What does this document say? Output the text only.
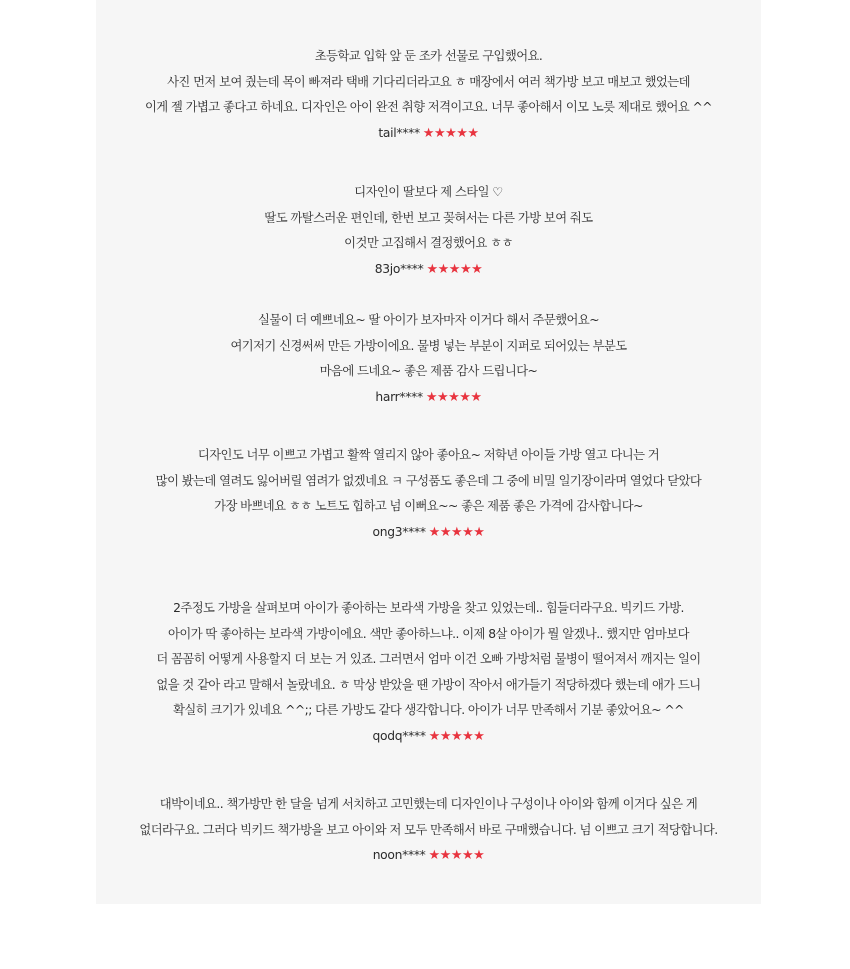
초등학교 입학 앞 둔 조카 선물로 구입했어요.
사진 먼저 보여 줬는데 목이 빠져라 택배 기다리더라고요 ㅎ 매장에서 여러 책가방 보고 매보고 했었는데
이게 젤 가볍고 좋다고 하네요. 디자인은 아이 완전 취향 저격이고요. 너무 좋아해서 이모 노릇 제대로 했어요 ^^
tail**** ★★★★★
디자인이 딸보다 제 스타일 ♡
딸도 까탈스러운 편인데, 한번 보고 꽂혀서는 다른 가방 보여 줘도
이것만 고집해서 결정했어요 ㅎㅎ
83jo**** ★★★★★
실물이 더 예쁘네요~ 딸 아이가 보자마자 이거다 해서 주문했어요~
여기저기 신경써써 만든 가방이에요. 물병 넣는 부분이 지퍼로 되어있는 부분도
마음에 드네요~ 좋은 제품 감사 드립니다~
harr**** ★★★★★
디자인도 너무 이쁘고 가볍고 활짝 열리지 않아 좋아요~ 저학년 아이들 가방 열고 다니는 거
많이 봤는데 열려도 잃어버릴 염려가 없겠네요 ㅋ 구성품도 좋은데 그 중에 비밀 일기장이라며 열었다 닫았다
가장 바쁘네요 ㅎㅎ 노트도 힙하고 넘 이뻐요~~ 좋은 제품 좋은 가격에 감사합니다~
ong3**** ★★★★★
2주정도 가방을 살펴보며 아이가 좋아하는 보라색 가방을 찾고 있었는데.. 힘들더라구요. 빅키드 가방.
아이가 딱 좋아하는 보라색 가방이에요. 색만 좋아하느냐.. 이제 8살 아이가 뭘 알겠나.. 했지만 엄마보다
더 꼼꼼히 어떻게 사용할지 더 보는 거 있죠. 그러면서 엄마 이건 오빠 가방처럼 물병이 떨어져서 깨지는 일이
없을 것 같아 라고 말해서 놀랐네요. ㅎ 막상 받았을 땐 가방이 작아서 애가들기 적당하겠다 했는데 애가 드니
확실히 크기가 있네요 ^^;; 다른 가방도 같다 생각합니다. 아이가 너무 만족해서 기분 좋았어요~ ^^
qodq**** ★★★★★
대박이네요.. 책가방만 한 달을 넘게 서치하고 고민했는데 디자인이나 구성이나 아이와 함께 이거다 싶은 게
없더라구요. 그러다 빅키드 책가방을 보고 아이와 저 모두 만족해서 바로 구매했습니다. 넘 이쁘고 크기 적당합니다.
noon**** ★★★★★
